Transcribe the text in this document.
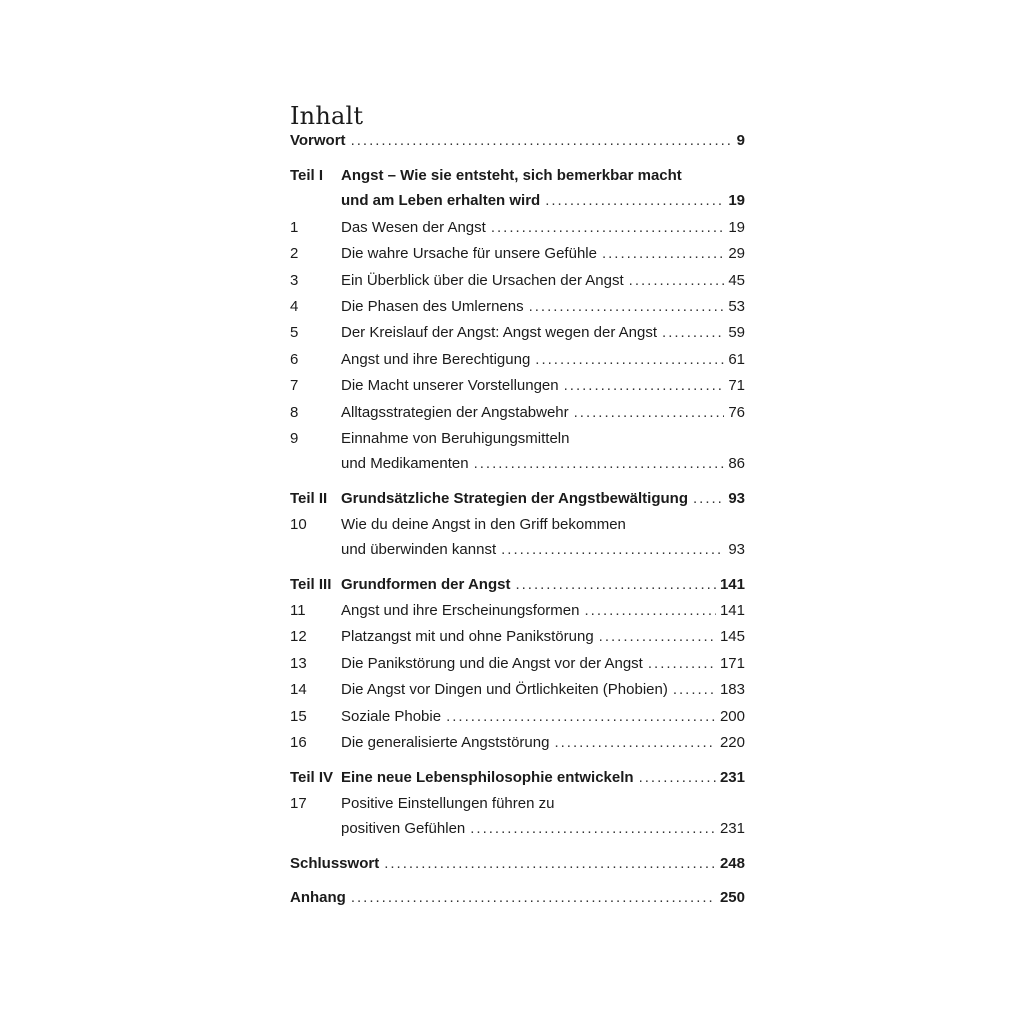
Inhalt
Vorwort .....	9
Teil I Angst – Wie sie entsteht, sich bemerkbar macht
und am Leben erhalten wird .....	19
1	Das Wesen der Angst .....	19
2	Die wahre Ursache für unsere Gefühle .....	29
3	Ein Überblick über die Ursachen der Angst .....	45
4	Die Phasen des Umlernens .....	53
5	Der Kreislauf der Angst: Angst wegen der Angst .....	59
6	Angst und ihre Berechtigung .....	61
7	Die Macht unserer Vorstellungen .....	71
8	Alltagsstrategien der Angstabwehr .....	76
9	Einnahme von Beruhigungsmitteln
und Medikamenten .....	86
Teil II Grundsätzliche Strategien der Angstbewältigung .....	93
10 Wie du deine Angst in den Griff bekommen
und überwinden kannst .....	93
Teil III Grundformen der Angst .....	141
11 Angst und ihre Erscheinungsformen .....	141
12 Platzangst mit und ohne Panikstörung .....	145
13 Die Panikstörung und die Angst vor der Angst .....	171
14 Die Angst vor Dingen und Örtlichkeiten (Phobien) .....	183
15 Soziale Phobie .....	200
16 Die generalisierte Angststörung .....	220
Teil IV Eine neue Lebensphilosophie entwickeln .....	231
17 Positive Einstellungen führen zu
positiven Gefühlen .....	231
Schlusswort .....	248
Anhang .....	250
